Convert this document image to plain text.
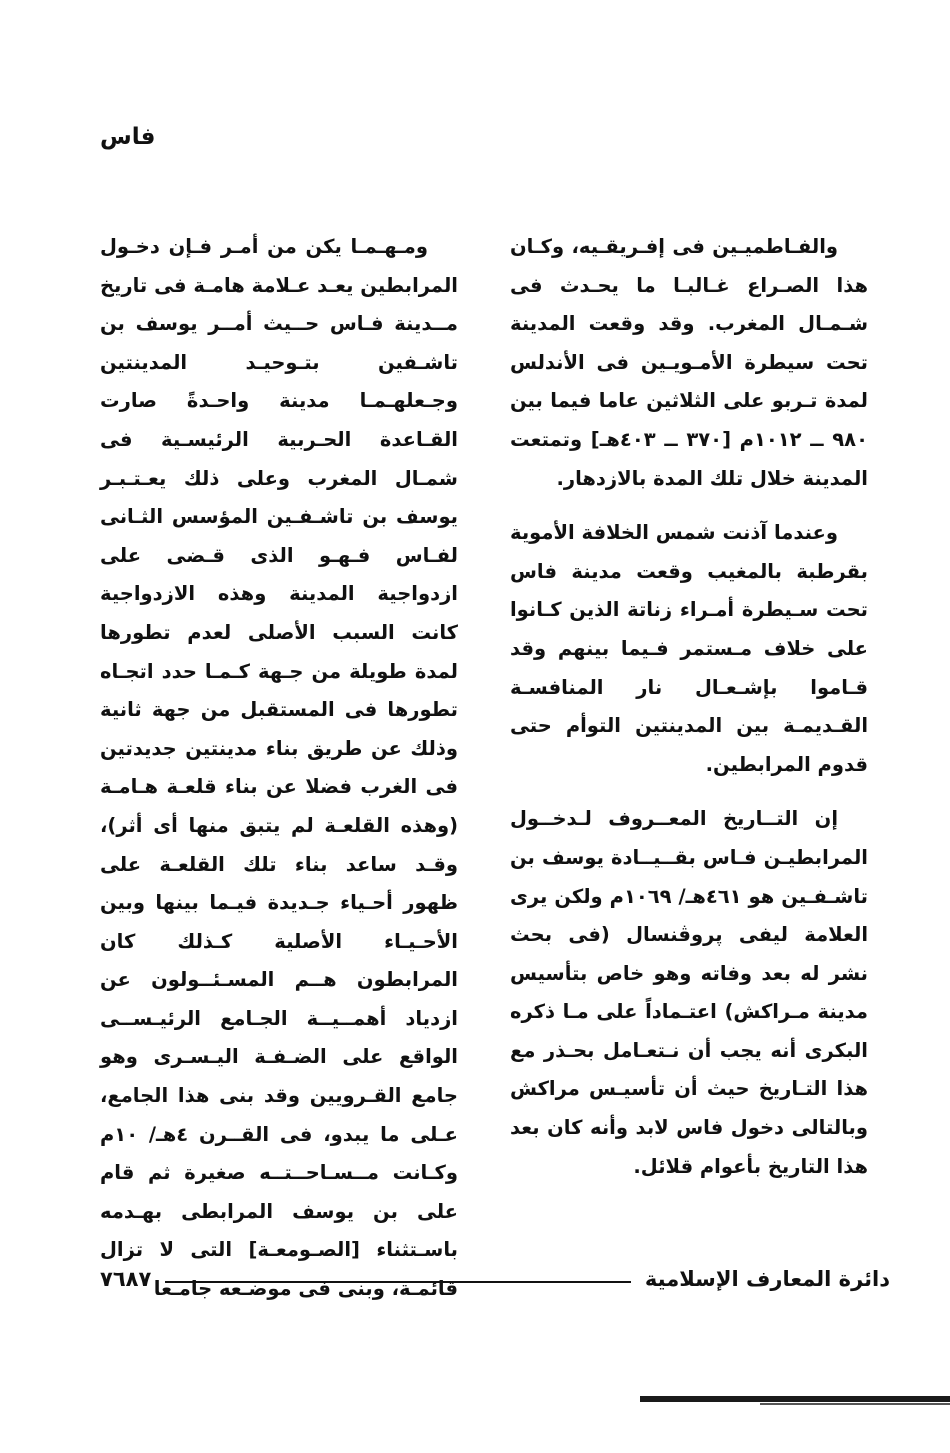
فاس

والفـاطميـين فى إفـريقـيه، وكـان هذا الصـراع غـالبـا ما يحـدث فى شـمـال المغرب. وقد وقعت المدينة تحت سيطرة الأمـويـين فى الأندلس لمدة تـربو على الثلاثين عاما فيما بين ٩٨٠ ــ ١٠١٢م [٣٧٠ ــ ٤٠٣هـ] وتمتعت المدينة خلال تلك المدة بالازدهار.

وعندما آذنت شمس الخلافة الأموية بقرطبة بالمغيب وقعت مدينة فاس تحت سـيطرة أمـراء زناتة الذين كـانوا على خلاف مـستمر فـيما بينهم وقد قـاموا بإشـعـال نار المنافسـة القـديمـة بين المدينتين التوأم حتى قدوم المرابطين.

إن التــاريخ المعــروف لـدخــول المرابطيـن فـاس بقــيــادة يوسف بن تاشـفـين هو ٤٦١هـ/ ١٠٦٩م ولكن يرى العلامة ليفى پروڤنسال (فى بحث نشر له بعد وفاته وهو خاص بتأسيس مدينة مـراكش) اعتـماداً على مـا ذكره البكرى أنه يجب أن نـتعـامل بحـذر مع هذا التـاريخ حيث أن تأسيـس مراكش وبالتالى دخول فاس لابد وأنه كان بعد هذا التاريخ بأعوام قلائل.

ومـهـمـا يكن من أمـر فـإن دخـول المرابطين يعـد عـلامة هامـة فى تاريخ مــدينة فـاس حــيث أمــر يوسف بن تاشـفين بتـوحيـد المدينتين وجـعلهـمـا مدينة واحـدةً صارت القـاعدة الحـربية الرئيسـية فى شمـال المغرب وعلى ذلك يعـتـبـر يوسف بن تاشـفـين المؤسس الثـانى لفـاس فـهـو الذى قـضى على ازدواجية المدينة وهذه الازدواجية كانت السبب الأصلى لعدم تطورها لمدة طويلة من جـهة كـمـا حدد اتجـاه تطورها فى المستقبل من جهة ثانية وذلك عن طريق بناء مدينتين جديدتين فى الغرب فضلا عن بناء قلعـة هـامـة (وهذه القلعـة لم يتبق منها أى أثر)، وقـد ساعد بناء تلك القلعـة على ظهور أحـياء جـديدة فيـما بينها وبين الأحـيـاء الأصلية كـذلك كان المرابطون هــم المسـئــولون عن ازدياد أهمــيــة الجـامع الرئيـســى الواقع على الضـفـة اليـسـرى وهو جامع القـرويين وقد بنى هذا الجامع، عـلى ما يبدو، فى القــرن ٤هـ/ ١٠م وكـانت مــسـاحــتــه صغيرة ثم قام على بن يوسف المرابطى بهـدمه باسـتثناء [الصـومعـة] التى لا تزال قائمـة، وبنى فى موضـعه جامـعا	دائرة المعارف الإسلامية
٧٦٨٧
